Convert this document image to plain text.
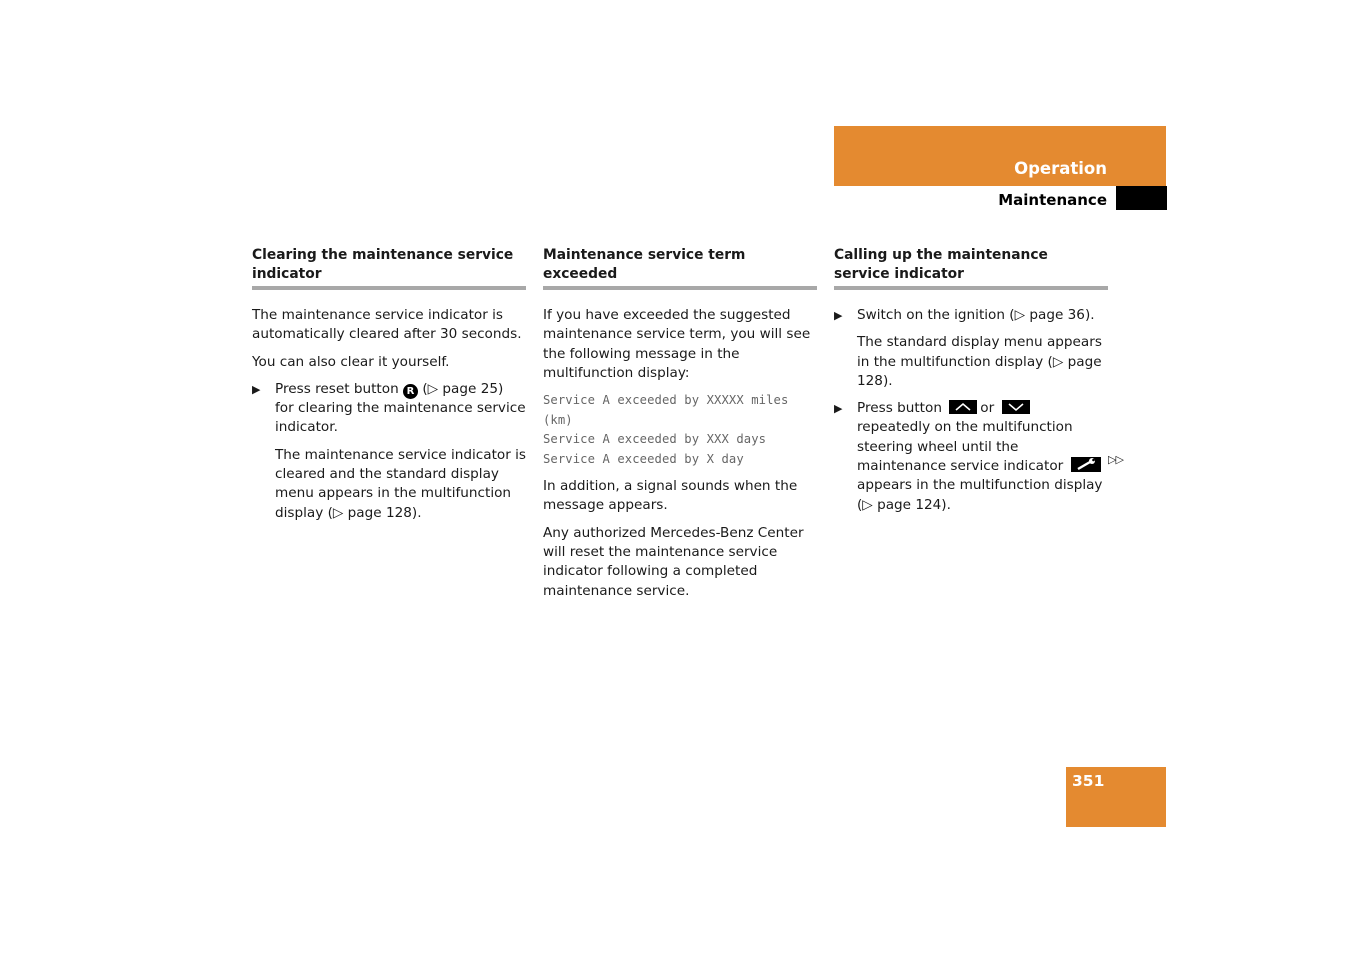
Operation
Maintenance
Clearing the maintenance service indicator

The maintenance service indicator is automatically cleared after 30 seconds.

You can also clear it yourself.

▶ Press reset button R (▷ page 25) for clearing the maintenance service indicator.

The maintenance service indicator is cleared and the standard display menu appears in the multifunction display (▷ page 128).

Maintenance service term exceeded

If you have exceeded the suggested maintenance service term, you will see the following message in the multifunction display:

Service A exceeded by XXXXX miles (km)
Service A exceeded by XXX days
Service A exceeded by X day

In addition, a signal sounds when the message appears.

Any authorized Mercedes-Benz Center will reset the maintenance service indicator following a completed maintenance service.

Calling up the maintenance service indicator
▶ Switch on the ignition (▷ page 36).

The standard display menu appears in the multifunction display (▷ page 128).

▶ Press button	or
repeatedly on the multifunction steering wheel until the maintenance service indicator
appears in the multifunction display (▷ page 124).
▷▷
351
